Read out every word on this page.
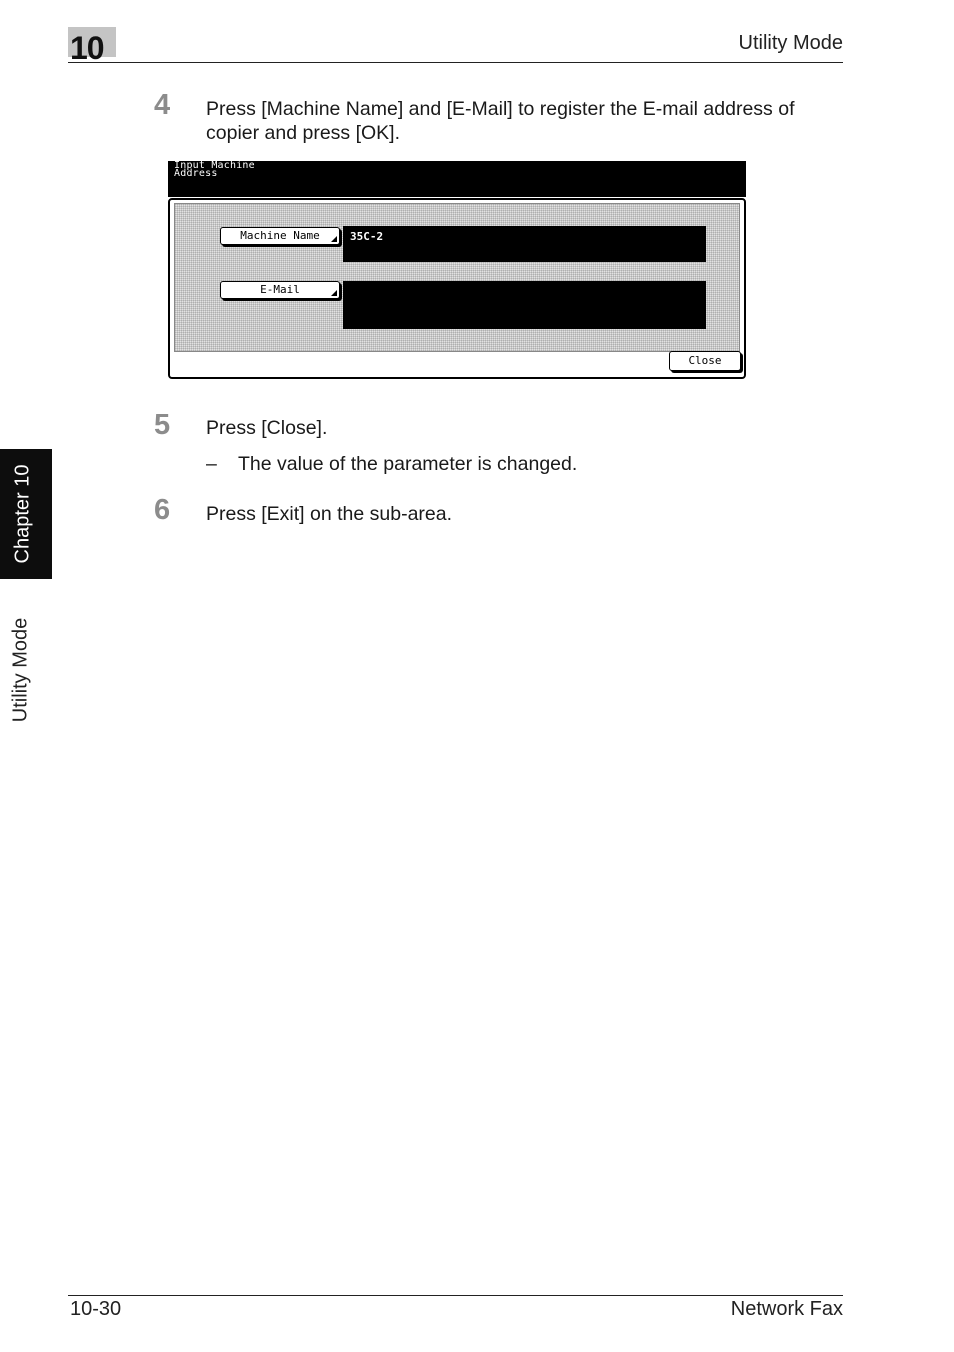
10	Utility Mode
Chapter 10
Utility Mode
4 Press [Machine Name] and [E-Mail] to register the E-mail address of copier and press [OK].
Input Machine
Address
Machine Name	35C-2
E-Mail
Close
5 Press [Close].
– The value of the parameter is changed.
6 Press [Exit] on the sub-area.
10-30	Network Fax
